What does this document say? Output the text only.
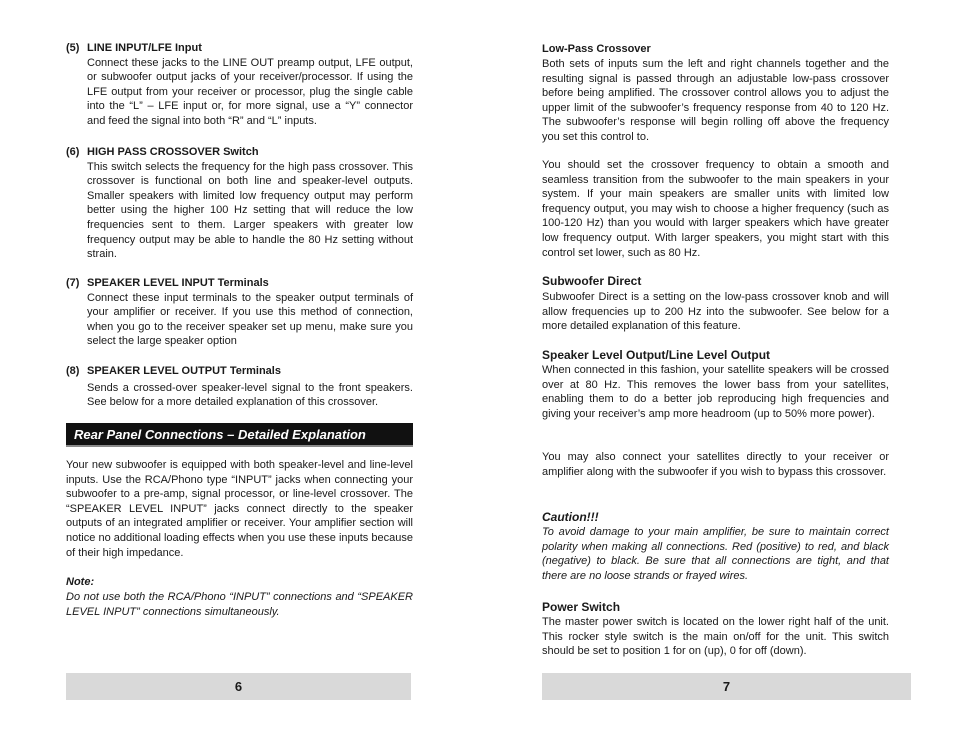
(5) LINE INPUT/LFE Input
Connect these jacks to the LINE OUT preamp output, LFE output, or subwoofer output jacks of your receiver/processor. If using the LFE output from your receiver or processor, plug the single cable into the “L” – LFE input or, for more signal, use a “Y” connector and feed the signal into both “R” and “L” inputs.
(6) HIGH PASS CROSSOVER Switch
This switch selects the frequency for the high pass crossover. This crossover is functional on both line and speaker-level outputs. Smaller speakers with limited low frequency output may perform better using the higher 100 Hz setting that will reduce the low frequencies sent to them. Larger speakers with greater low frequency output may be able to handle the 80 Hz setting without strain.
(7) SPEAKER LEVEL INPUT Terminals
Connect these input terminals to the speaker output terminals of your amplifier or receiver. If you use this method of connection, when you go to the receiver speaker set up menu, make sure you select the large speaker option
(8) SPEAKER LEVEL OUTPUT Terminals
Sends a crossed-over speaker-level signal to the front speakers. See below for a more detailed explanation of this crossover.
Rear Panel Connections – Detailed Explanation

Your new subwoofer is equipped with both speaker-level and line-level inputs. Use the RCA/Phono type “INPUT” jacks when connecting your subwoofer to a pre-amp, signal processor, or line-level crossover. The “SPEAKER LEVEL INPUT” jacks connect directly to the speaker outputs of an integrated amplifier or receiver. Your amplifier section will notice no additional loading effects when you use these inputs because of their high impedance.

Note:

Do not use both the RCA/Phono “INPUT” connections and “SPEAKER LEVEL INPUT” connections simultaneously.

6

Low-Pass Crossover

Both sets of inputs sum the left and right channels together and the resulting signal is passed through an adjustable low-pass crossover before being amplified. The crossover control allows you to adjust the upper limit of the subwoofer’s frequency response from 40 to 120 Hz. The subwoofer’s response will begin rolling off above the frequency you set this control to.

You should set the crossover frequency to obtain a smooth and seamless transition from the subwoofer to the main speakers in your system. If your main speakers are smaller units with limited low frequency output, you may wish to choose a higher frequency (such as 100-120 Hz) than you would with larger speakers which have greater low frequency output. With larger speakers, you might start with this control set lower, such as 80 Hz.

Subwoofer Direct

Subwoofer Direct is a setting on the low-pass crossover knob and will allow frequencies up to 200 Hz into the subwoofer. See below for a more detailed explanation of this feature.

Speaker Level Output/Line Level Output

When connected in this fashion, your satellite speakers will be crossed over at 80 Hz. This removes the lower bass from your satellites, enabling them to do a better job reproducing high frequencies and giving your receiver’s amp more headroom (up to 50% more power).

You may also connect your satellites directly to your receiver or amplifier along with the subwoofer if you wish to bypass this crossover.

Caution!!!

To avoid damage to your main amplifier, be sure to maintain correct polarity when making all connections. Red (positive) to red, and black (negative) to black. Be sure that all connections are tight, and that there are no loose strands or frayed wires.

Power Switch

The master power switch is located on the lower right half of the unit. This rocker style switch is the main on/off for the unit. This switch should be set to position 1 for on (up), 0 for off (down).

7
